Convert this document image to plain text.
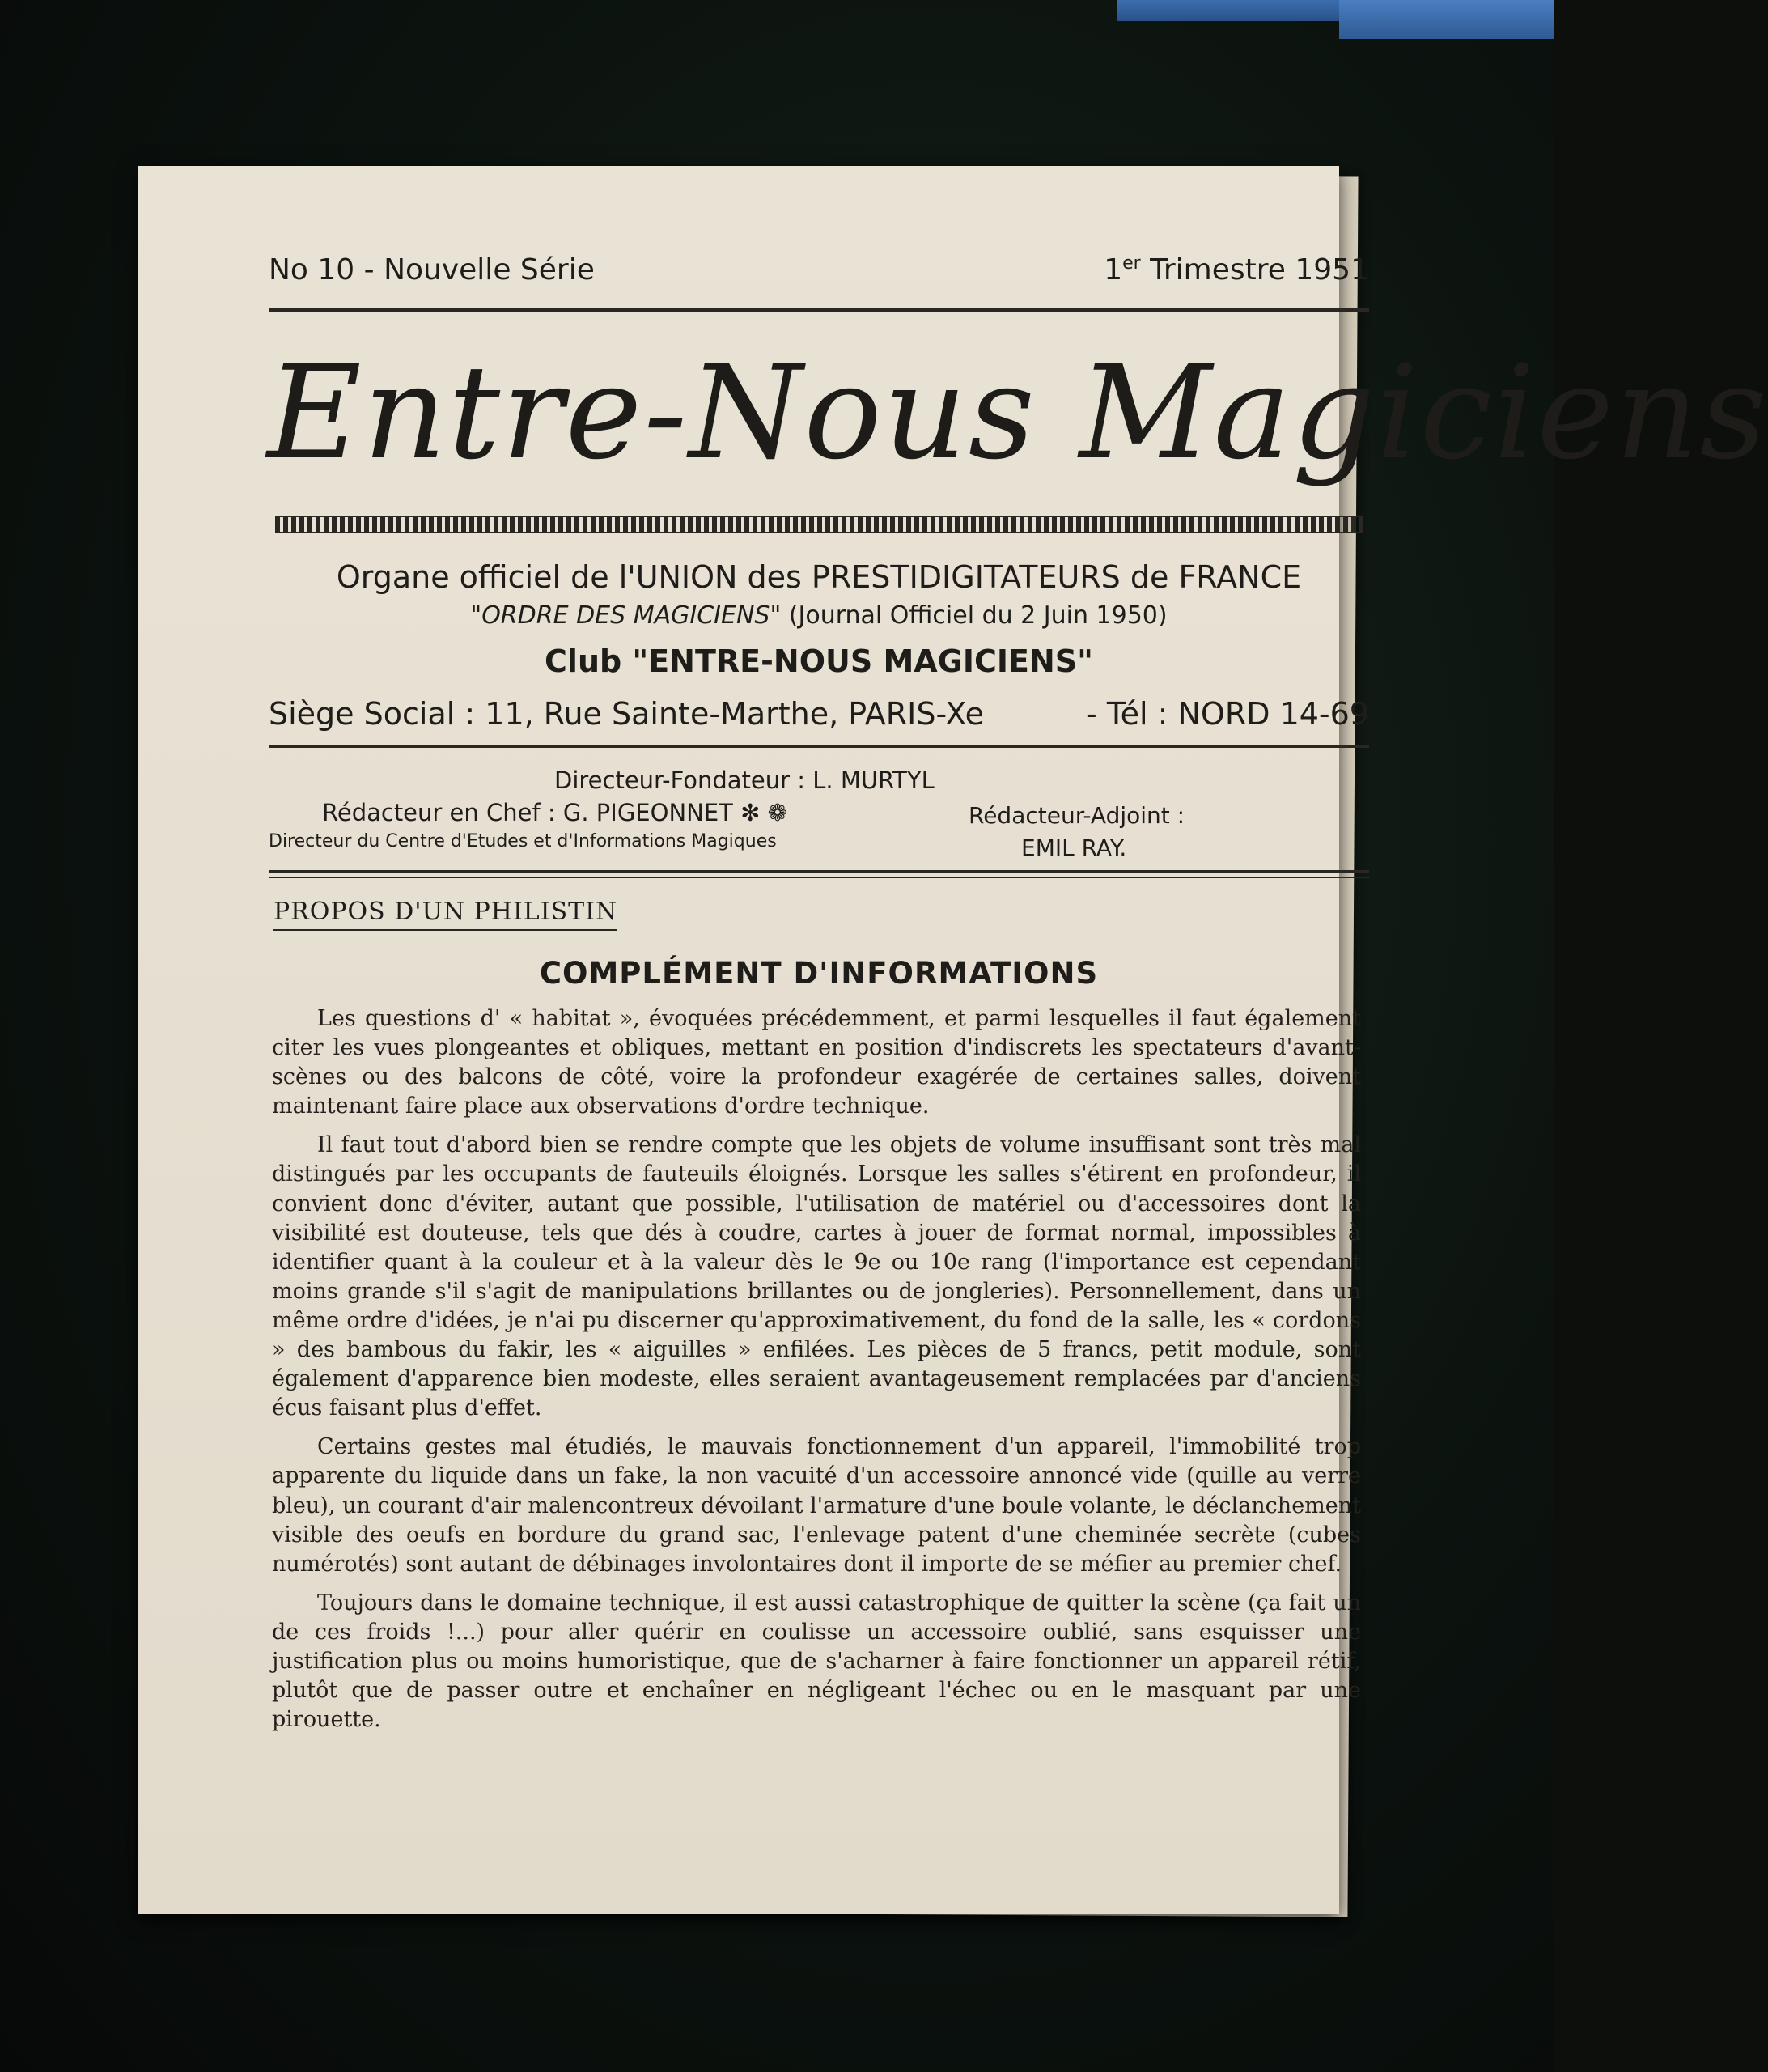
No 10 - Nouvelle Série	1er Trimestre 1951
Entre-Nous Magiciens
Organe officiel de l'UNION des PRESTIDIGITATEURS de FRANCE
"ORDRE DES MAGICIENS" (Journal Officiel du 2 Juin 1950)
Club "ENTRE-NOUS MAGICIENS"
Siège Social : 11, Rue Sainte-Marthe, PARIS-Xe	- Tél : NORD 14-69
Directeur-Fondateur : L. MURTYL
Rédacteur en Chef : G. PIGEONNET ✻ ❁
Directeur du Centre d'Etudes et d'Informations Magiques
Rédacteur-Adjoint :
EMIL RAY.
PROPOS D'UN PHILISTIN
COMPLÉMENT D'INFORMATIONS

Les questions d' « habitat », évoquées précédemment, et parmi lesquelles il faut également citer les vues plongeantes et obliques, mettant en position d'indiscrets les spectateurs d'avant-scènes ou des balcons de côté, voire la profondeur exagérée de certaines salles, doivent maintenant faire place aux observations d'ordre technique.

Il faut tout d'abord bien se rendre compte que les objets de volume insuffisant sont très mal distingués par les occupants de fauteuils éloignés. Lorsque les salles s'étirent en profondeur, il convient donc d'éviter, autant que possible, l'utilisation de matériel ou d'accessoires dont la visibilité est douteuse, tels que dés à coudre, cartes à jouer de format normal, impossibles à identifier quant à la couleur et à la valeur dès le 9e ou 10e rang (l'importance est cependant moins grande s'il s'agit de manipulations brillantes ou de jongleries). Personnellement, dans un même ordre d'idées, je n'ai pu discerner qu'approximativement, du fond de la salle, les « cordons » des bambous du fakir, les « aiguilles » enfilées. Les pièces de 5 francs, petit module, sont également d'apparence bien modeste, elles seraient avantageusement remplacées par d'anciens écus faisant plus d'effet.

Certains gestes mal étudiés, le mauvais fonctionnement d'un appareil, l'immobilité trop apparente du liquide dans un fake, la non vacuité d'un accessoire annoncé vide (quille au verre bleu), un courant d'air malencontreux dévoilant l'armature d'une boule volante, le déclanchement visible des oeufs en bordure du grand sac, l'enlevage patent d'une cheminée secrète (cubes numérotés) sont autant de débinages involontaires dont il importe de se méfier au premier chef.

Toujours dans le domaine technique, il est aussi catastrophique de quitter la scène (ça fait un de ces froids !...) pour aller quérir en coulisse un accessoire oublié, sans esquisser une justification plus ou moins humoristique, que de s'acharner à faire fonctionner un appareil rétif, plutôt que de passer outre et enchaîner en négligeant l'échec ou en le masquant par une pirouette.
